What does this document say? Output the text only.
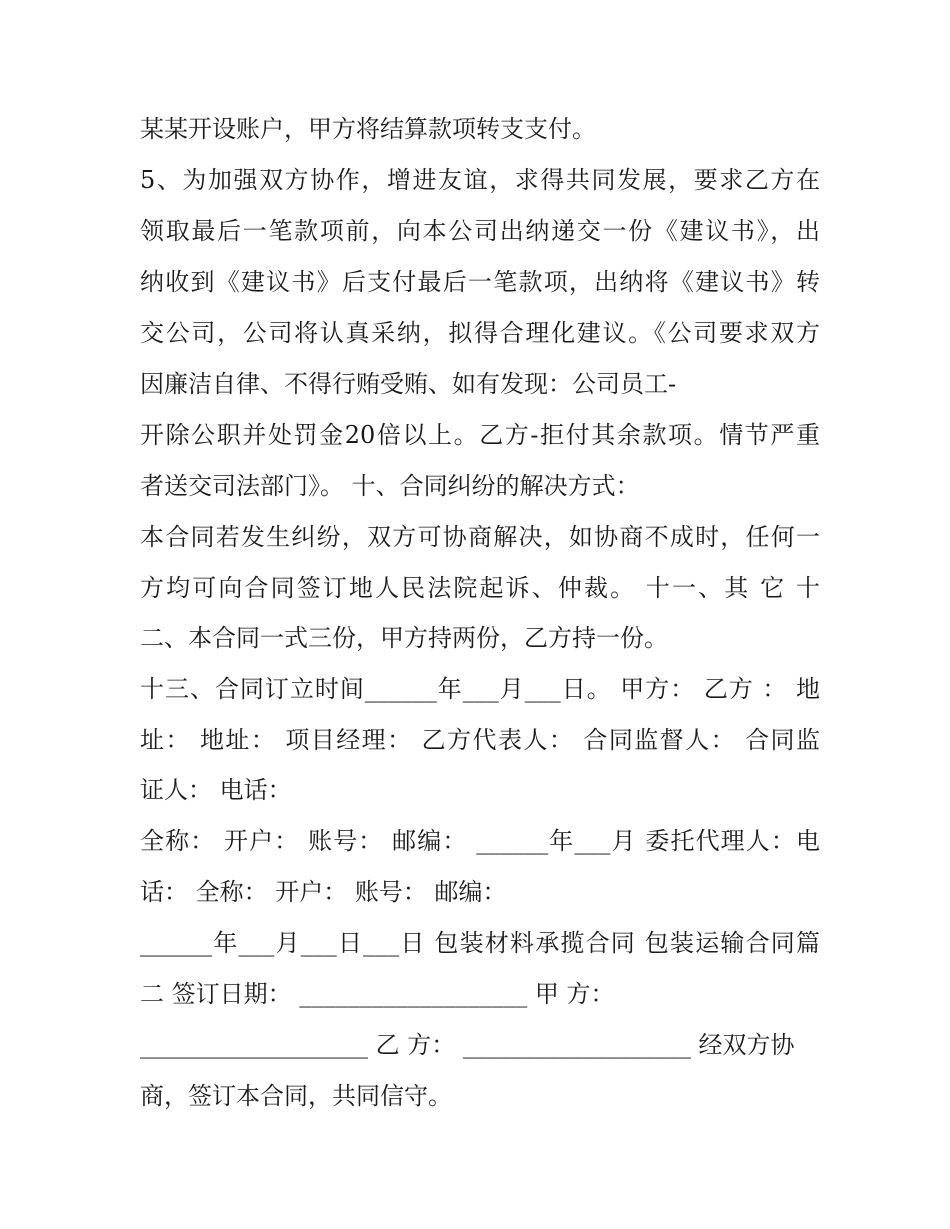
某某开设账户，甲方将结算款项转支支付。
5、为加强双方协作，增进友谊，求得共同发展，要求乙方在
领取最后一笔款项前，向本公司出纳递交一份《建议书》，出
纳收到《建议书》后支付最后一笔款项，出纳将《建议书》转
交公司，公司将认真采纳，拟得合理化建议。《公司要求双方
因廉洁自律、不得行贿受贿、如有发现：公司员工-
开除公职并处罚金20倍以上。乙方-拒付其余款项。情节严重
者送交司法部门》。 十、合同纠纷的解决方式：
本合同若发生纠纷，双方可协商解决，如协商不成时，任何一
方均可向合同签订地人民法院起诉、仲裁。 十一、其 它 十
二、本合同一式三份，甲方持两份，乙方持一份。
十三、合同订立时间______年___月___日。 甲方： 乙方 ： 地
址： 地址： 项目经理： 乙方代表人： 合同监督人： 合同监
证人： 电话：
全称： 开户： 账号： 邮编： ______年___月 委托代理人：电
话： 全称： 开户： 账号： 邮编：
______年___月___日___日 包装材料承揽合同 包装运输合同篇
二 签订日期： ___________________ 甲 方：
___________________ 乙 方： ___________________ 经双方协
商，签订本合同，共同信守。
